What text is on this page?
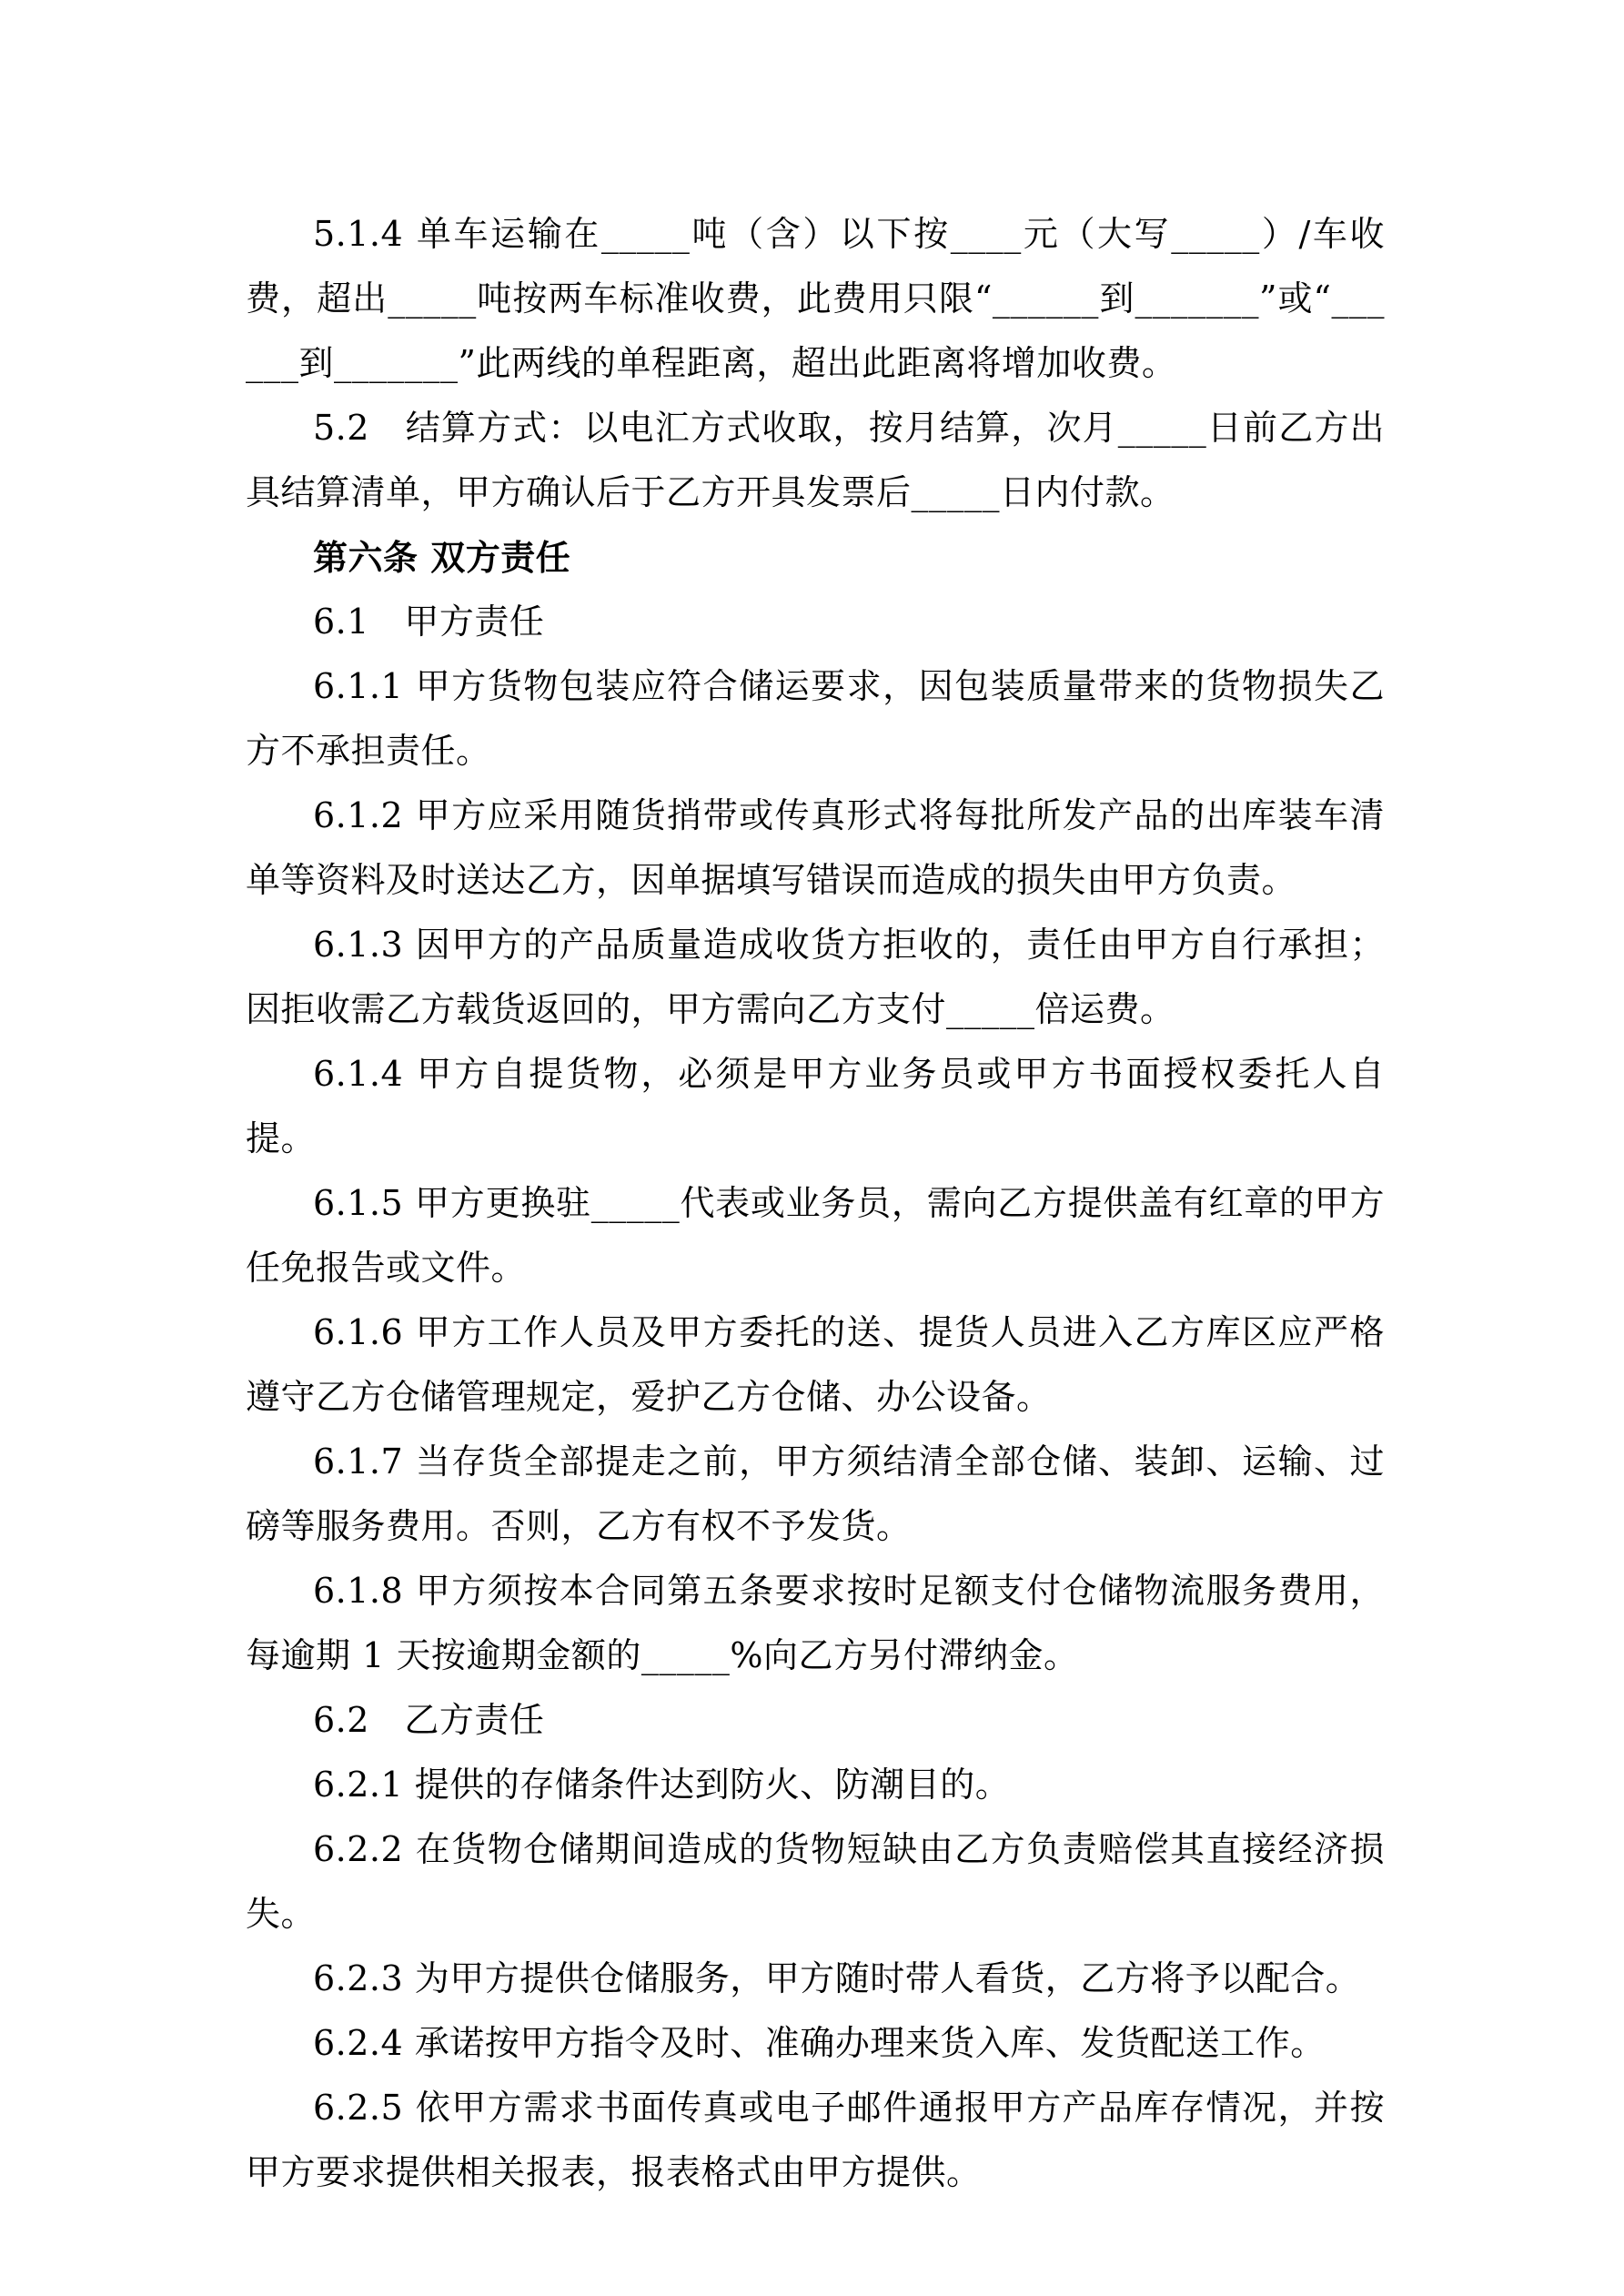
5.1.4 单车运输在_____吨（含）以下按____元（大写_____）/车收费，超出_____吨按两车标准收费，此费用只限“______到_______”或“______到_______”此两线的单程距离，超出此距离将增加收费。

5.2　结算方式：以电汇方式收取，按月结算，次月_____日前乙方出具结算清单，甲方确认后于乙方开具发票后_____日内付款。

第六条 双方责任

6.1　甲方责任

6.1.1 甲方货物包装应符合储运要求，因包装质量带来的货物损失乙方不承担责任。

6.1.2 甲方应采用随货捎带或传真形式将每批所发产品的出库装车清单等资料及时送达乙方，因单据填写错误而造成的损失由甲方负责。

6.1.3 因甲方的产品质量造成收货方拒收的，责任由甲方自行承担；因拒收需乙方载货返回的，甲方需向乙方支付_____倍运费。

6.1.4 甲方自提货物，必须是甲方业务员或甲方书面授权委托人自提。

6.1.5 甲方更换驻_____代表或业务员，需向乙方提供盖有红章的甲方任免报告或文件。

6.1.6 甲方工作人员及甲方委托的送、提货人员进入乙方库区应严格遵守乙方仓储管理规定，爱护乙方仓储、办公设备。

6.1.7 当存货全部提走之前，甲方须结清全部仓储、装卸、运输、过磅等服务费用。否则，乙方有权不予发货。

6.1.8 甲方须按本合同第五条要求按时足额支付仓储物流服务费用，每逾期 1 天按逾期金额的_____%向乙方另付滞纳金。

6.2　乙方责任

6.2.1 提供的存储条件达到防火、防潮目的。

6.2.2 在货物仓储期间造成的货物短缺由乙方负责赔偿其直接经济损失。

6.2.3 为甲方提供仓储服务，甲方随时带人看货，乙方将予以配合。

6.2.4 承诺按甲方指令及时、准确办理来货入库、发货配送工作。

6.2.5 依甲方需求书面传真或电子邮件通报甲方产品库存情况，并按甲方要求提供相关报表，报表格式由甲方提供。
